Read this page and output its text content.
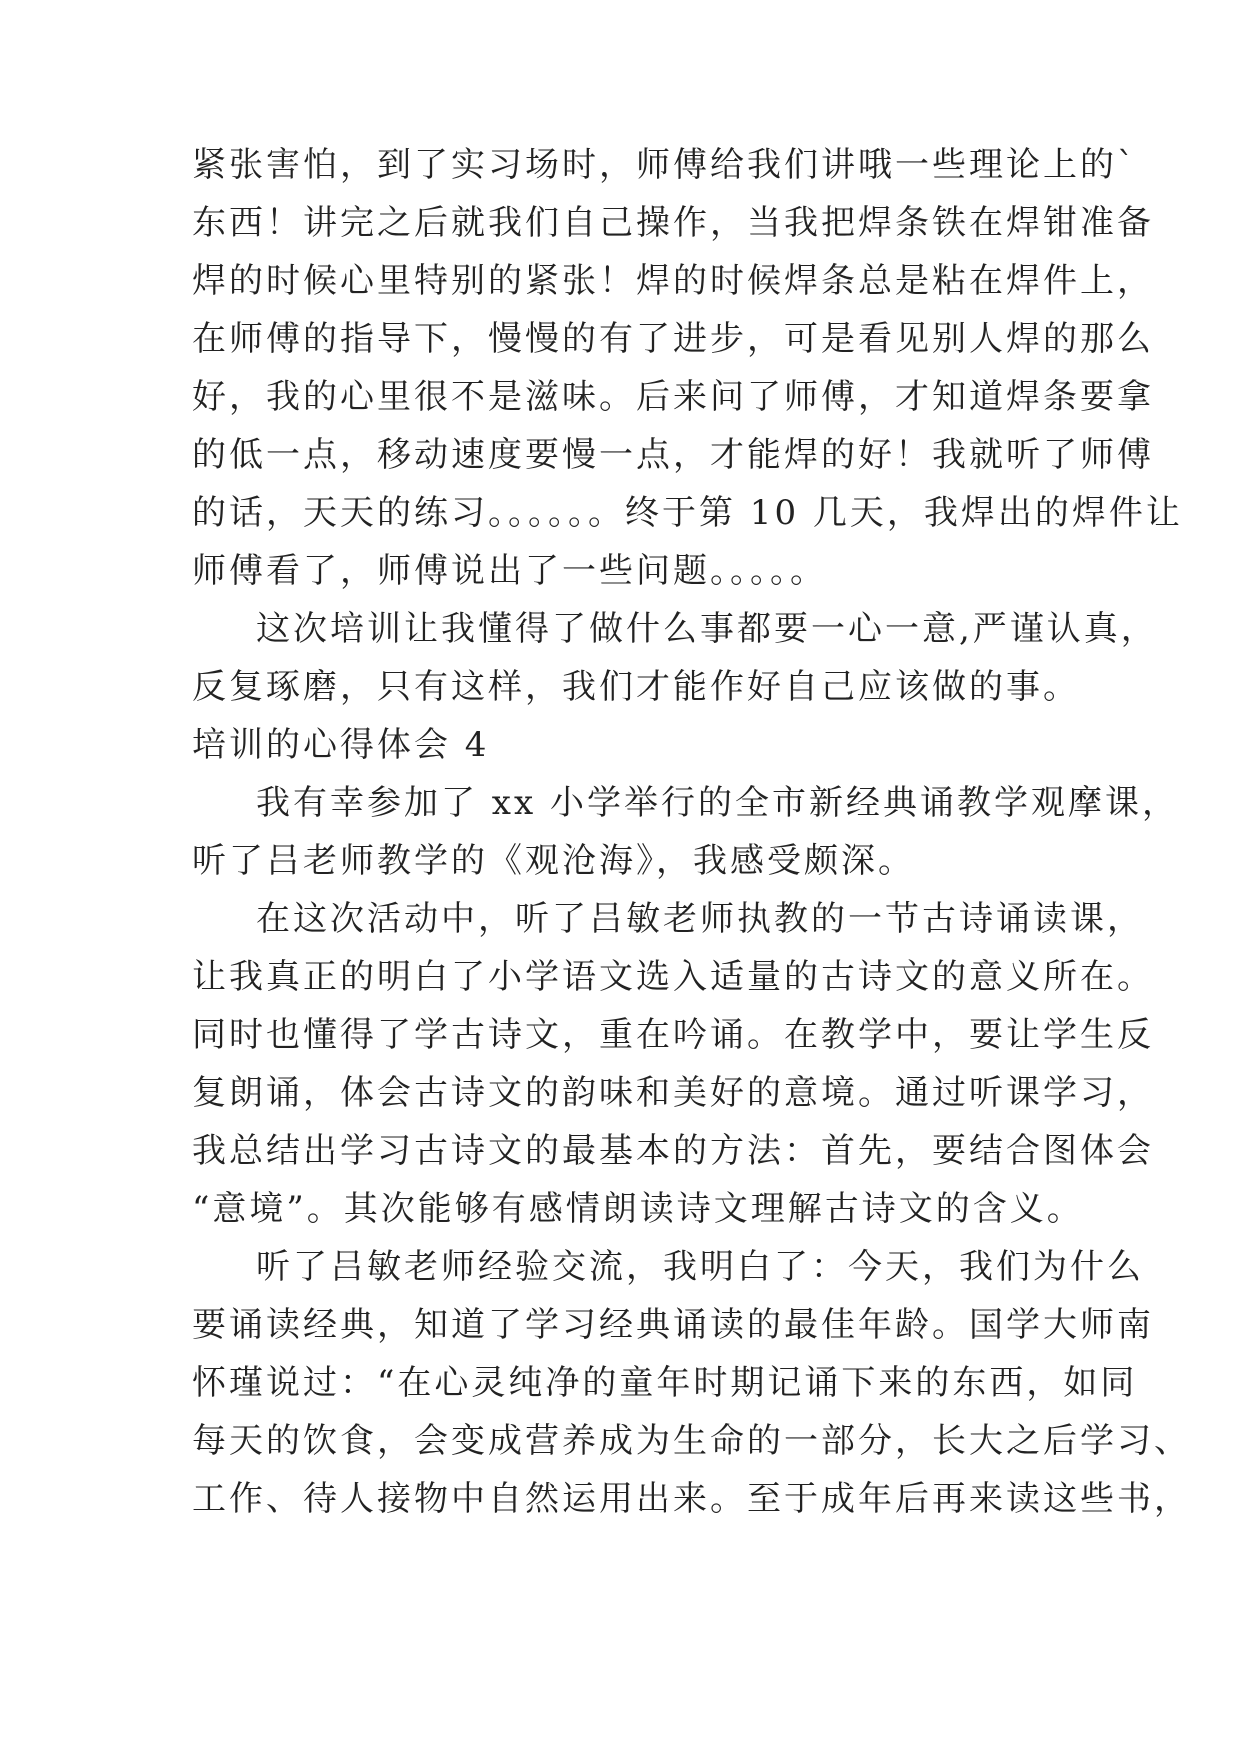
紧张害怕，到了实习场时，师傅给我们讲哦一些理论上的`
东西！讲完之后就我们自己操作，当我把焊条铁在焊钳准备
焊的时候心里特别的紧张！焊的时候焊条总是粘在焊件上，
在师傅的指导下，慢慢的有了进步，可是看见别人焊的那么
好，我的心里很不是滋味。后来问了师傅，才知道焊条要拿
的低一点，移动速度要慢一点，才能焊的好！我就听了师傅
的话，天天的练习。。。。。。终于第 10 几天，我焊出的焊件让
师傅看了，师傅说出了一些问题。。。。。
这次培训让我懂得了做什么事都要一心一意,严谨认真，
反复琢磨，只有这样，我们才能作好自己应该做的事。
培训的心得体会 4
我有幸参加了 xx 小学举行的全市新经典诵教学观摩课，
听了吕老师教学的《观沧海》，我感受颇深。
在这次活动中，听了吕敏老师执教的一节古诗诵读课，
让我真正的明白了小学语文选入适量的古诗文的意义所在。
同时也懂得了学古诗文，重在吟诵。在教学中，要让学生反
复朗诵，体会古诗文的韵味和美好的意境。通过听课学习，
我总结出学习古诗文的最基本的方法：首先，要结合图体会
“意境”。其次能够有感情朗读诗文理解古诗文的含义。
听了吕敏老师经验交流，我明白了：今天，我们为什么
要诵读经典，知道了学习经典诵读的最佳年龄。国学大师南
怀瑾说过：“在心灵纯净的童年时期记诵下来的东西，如同
每天的饮食，会变成营养成为生命的一部分，长大之后学习、
工作、待人接物中自然运用出来。至于成年后再来读这些书，
